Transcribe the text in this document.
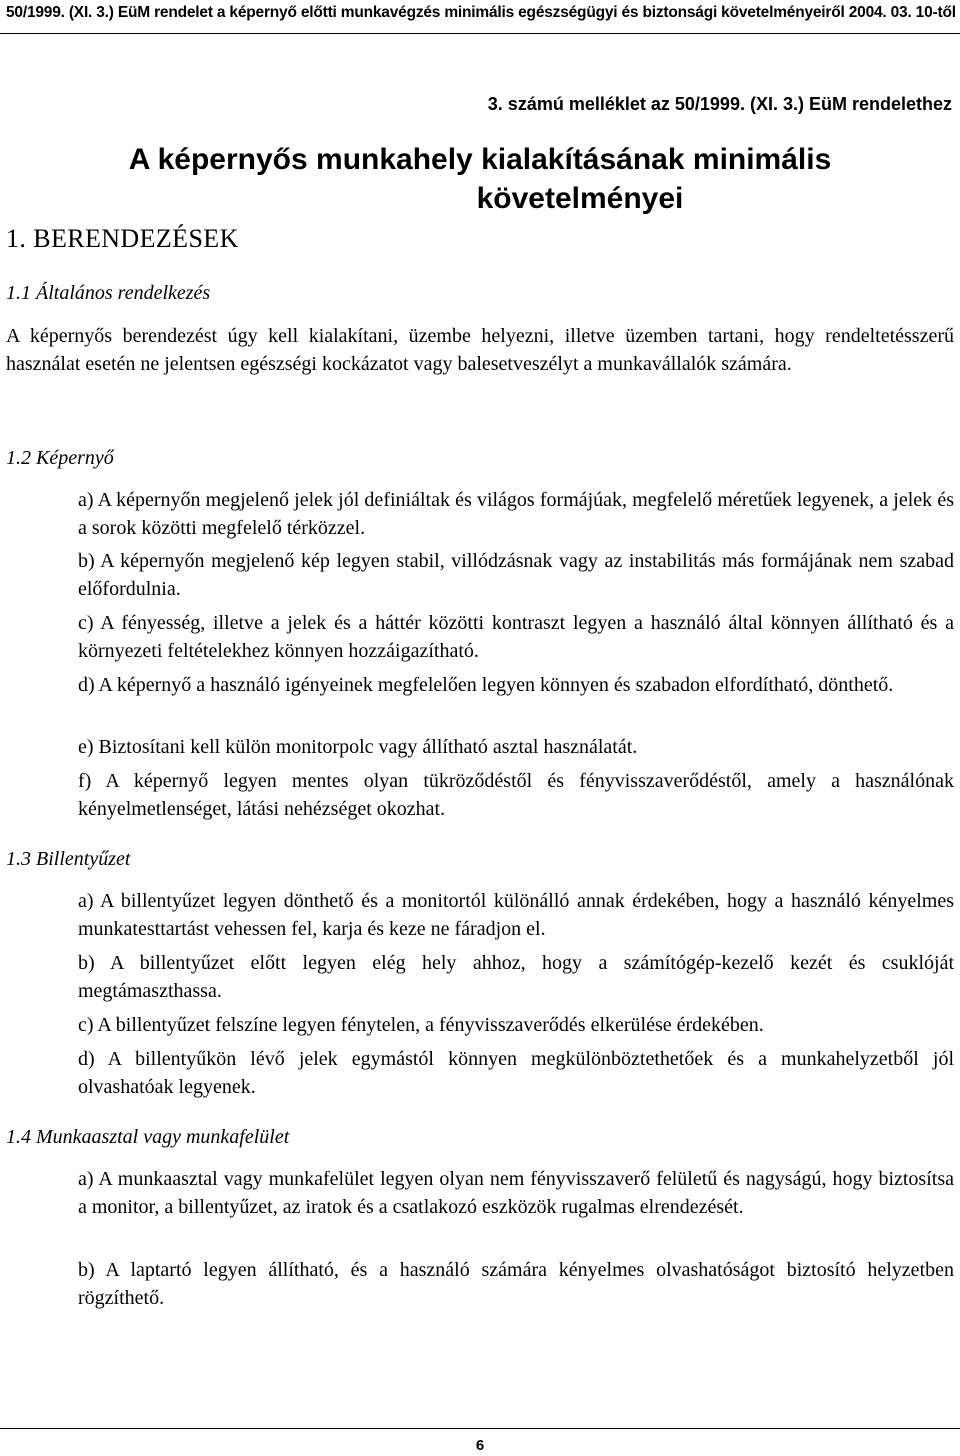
50/1999. (XI. 3.) EüM rendelet a képernyő előtti munkavégzés minimális egészségügyi és biztonsági követelményeiről 2004. 03. 10-től
3. számú melléklet az 50/1999. (XI. 3.) EüM rendelethez
A képernyős munkahely kialakításának minimális
követelményei
1. BERENDEZÉSEK
1.1 Általános rendelkezés
A képernyős berendezést úgy kell kialakítani, üzembe helyezni, illetve üzemben tartani, hogy rendeltetésszerű használat esetén ne jelentsen egészségi kockázatot vagy balesetveszélyt a munkavállalók számára.
1.2 Képernyő
a) A képernyőn megjelenő jelek jól definiáltak és világos formájúak, megfelelő méretűek legyenek, a jelek és a sorok közötti megfelelő térközzel.
b) A képernyőn megjelenő kép legyen stabil, villódzásnak vagy az instabilitás más formájának nem szabad előfordulnia.
c) A fényesség, illetve a jelek és a háttér közötti kontraszt legyen a használó által könnyen állítható és a környezeti feltételekhez könnyen hozzáigazítható.
d) A képernyő a használó igényeinek megfelelően legyen könnyen és szabadon elfordítható, dönthető.
e) Biztosítani kell külön monitorpolc vagy állítható asztal használatát.
f) A képernyő legyen mentes olyan tükröződéstől és fényvisszaverődéstől, amely a használónak kényelmetlenséget, látási nehézséget okozhat.
1.3 Billentyűzet
a) A billentyűzet legyen dönthető és a monitortól különálló annak érdekében, hogy a használó kényelmes munkatesttartást vehessen fel, karja és keze ne fáradjon el.
b) A billentyűzet előtt legyen elég hely ahhoz, hogy a számítógép-kezelő kezét és csuklóját megtámaszthassa.
c) A billentyűzet felszíne legyen fénytelen, a fényvisszaverődés elkerülése érdekében.
d) A billentyűkön lévő jelek egymástól könnyen megkülönböztethetőek és a munkahelyzetből jól olvashatóak legyenek.
1.4 Munkaasztal vagy munkafelület
a) A munkaasztal vagy munkafelület legyen olyan nem fényvisszaverő felületű és nagyságú, hogy biztosítsa a monitor, a billentyűzet, az iratok és a csatlakozó eszközök rugalmas elrendezését.
b) A laptartó legyen állítható, és a használó számára kényelmes olvashatóságot biztosító helyzetben rögzíthető.
6
